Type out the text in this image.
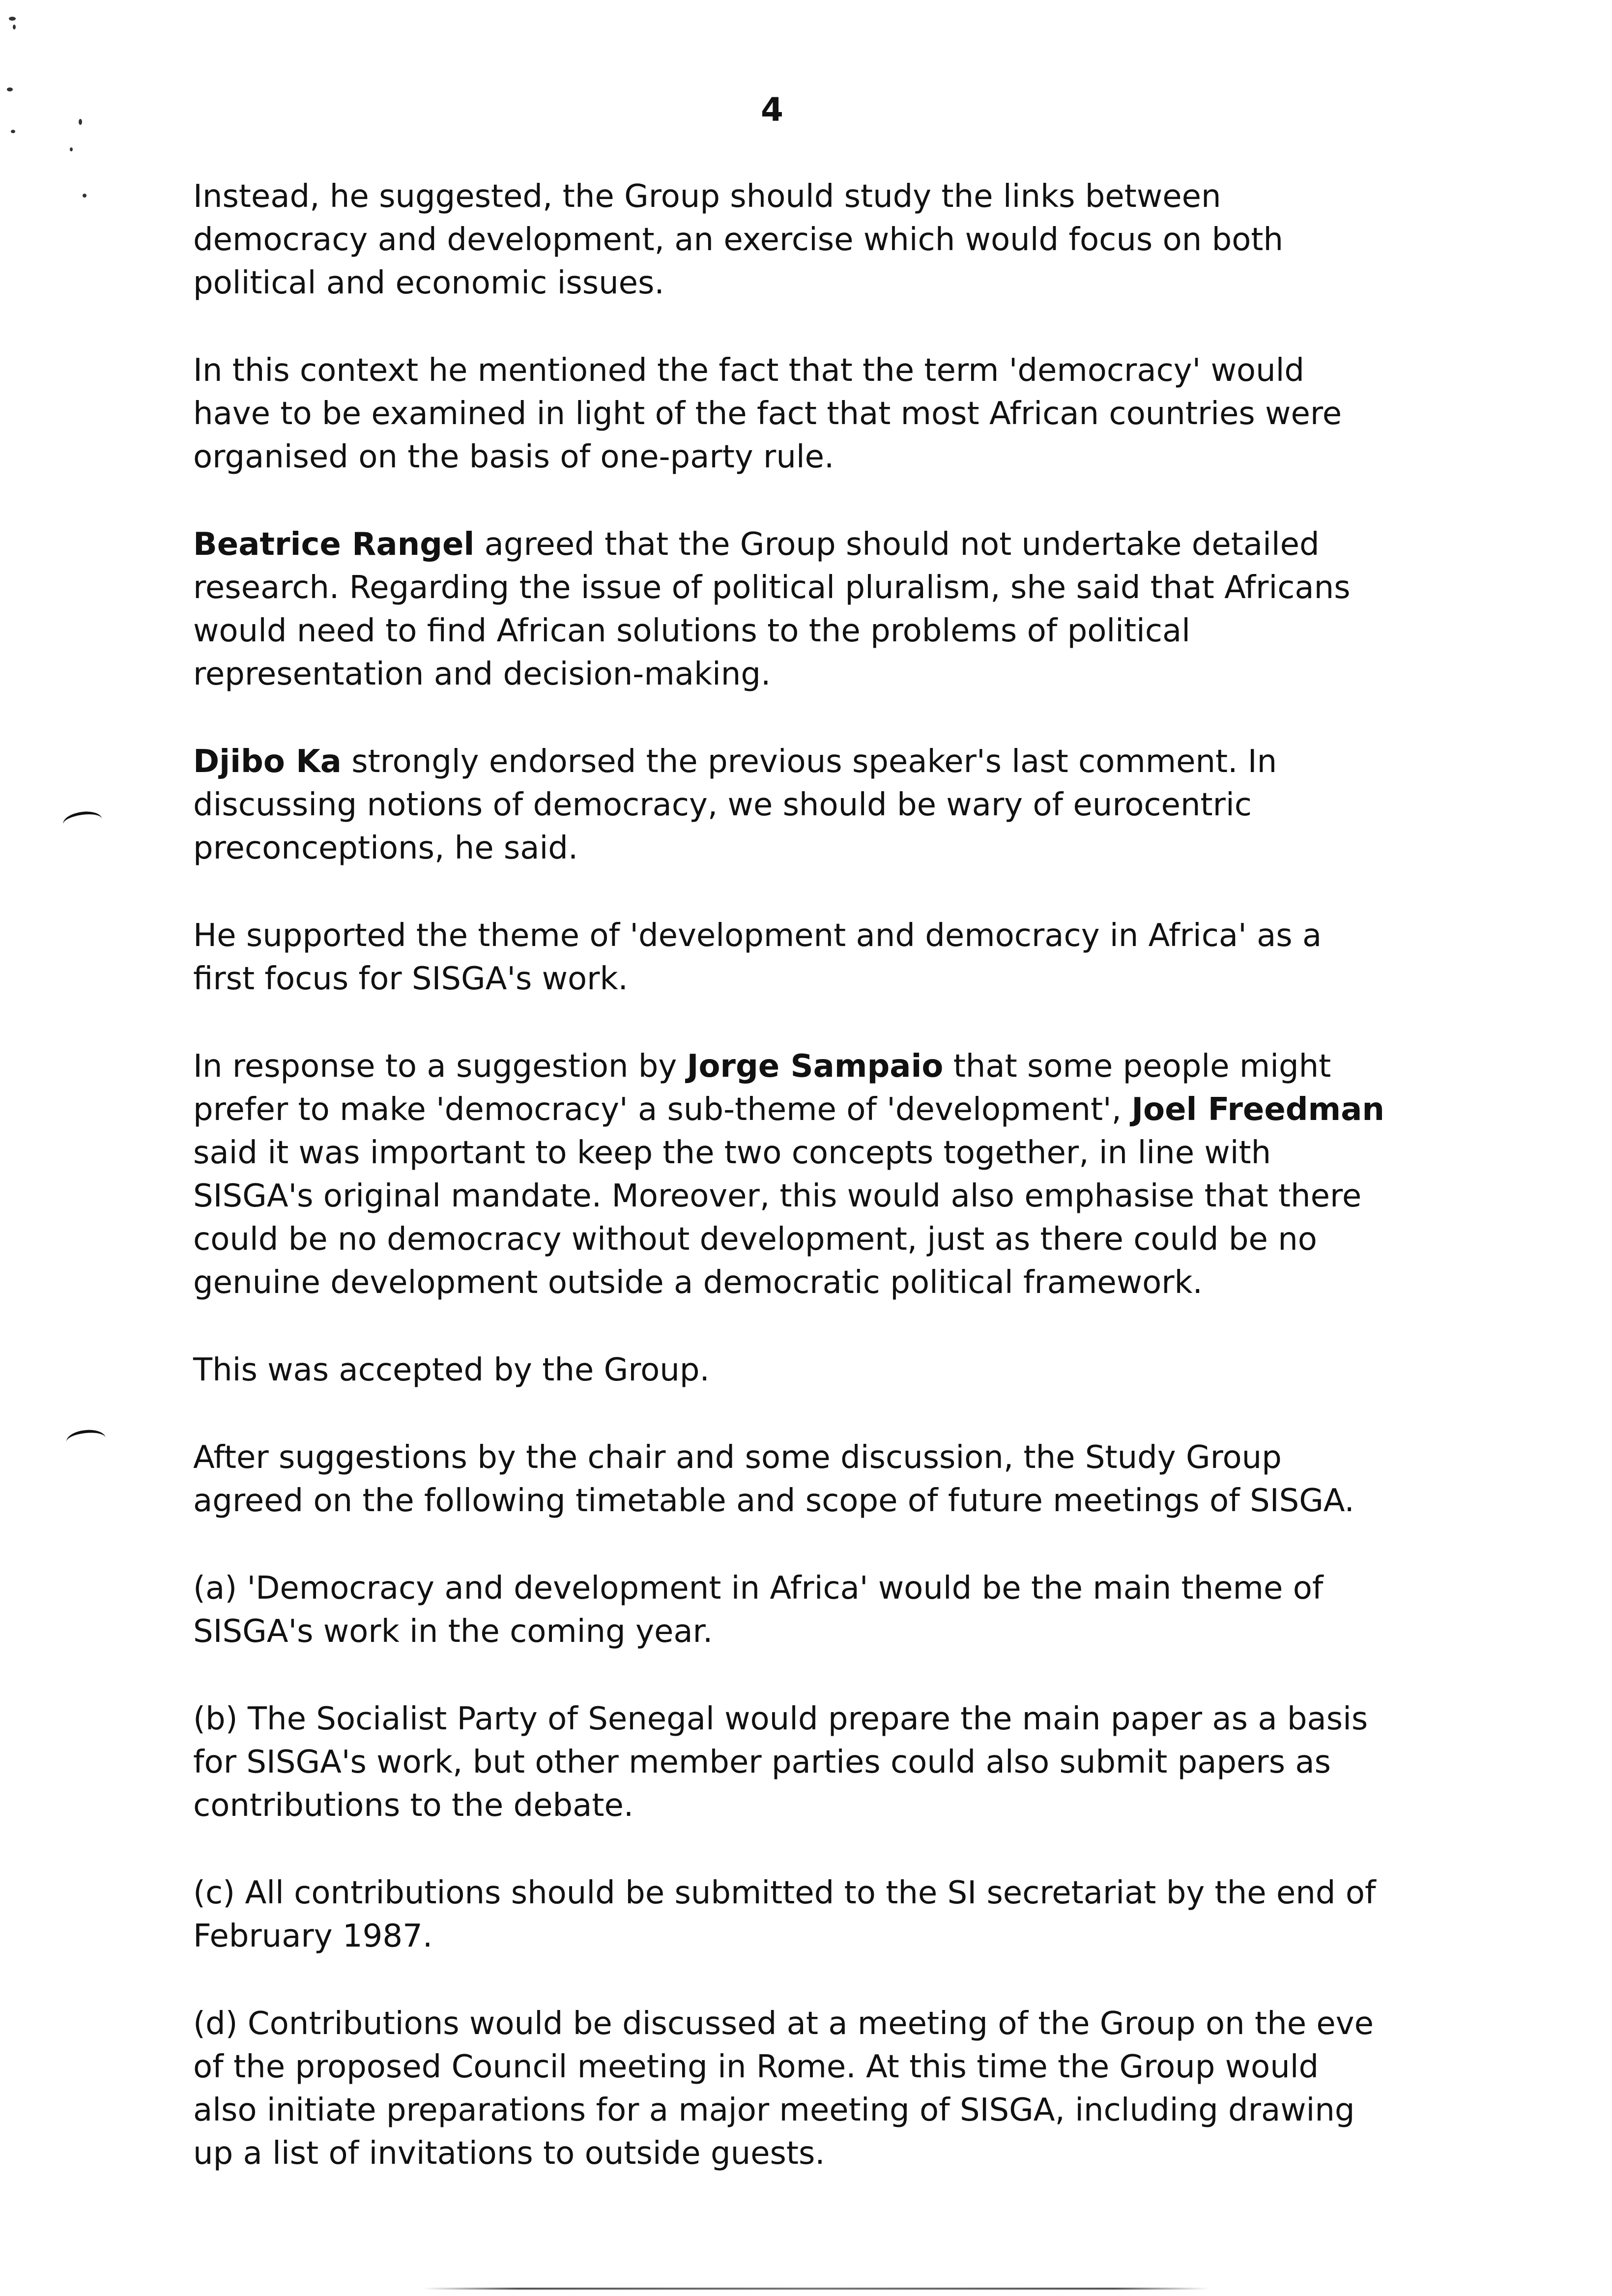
4

Instead, he suggested, the Group should study the links between democracy and development, an exercise which would focus on both political and economic issues.

In this context he mentioned the fact that the term 'democracy' would have to be examined in light of the fact that most African countries were organised on the basis of one-party rule.

Beatrice Rangel agreed that the Group should not undertake detailed research. Regarding the issue of political pluralism, she said that Africans would need to find African solutions to the problems of political representation and decision-making.

Djibo Ka strongly endorsed the previous speaker's last comment. In discussing notions of democracy, we should be wary of eurocentric preconceptions, he said.

He supported the theme of 'development and democracy in Africa' as a first focus for SISGA's work.

In response to a suggestion by Jorge Sampaio that some people might prefer to make 'democracy' a sub-theme of 'development', Joel Freedman said it was important to keep the two concepts together, in line with SISGA's original mandate. Moreover, this would also emphasise that there could be no democracy without development, just as there could be no genuine development outside a democratic political framework.

This was accepted by the Group.

After suggestions by the chair and some discussion, the Study Group agreed on the following timetable and scope of future meetings of SISGA.

(a) 'Democracy and development in Africa' would be the main theme of SISGA's work in the coming year.

(b) The Socialist Party of Senegal would prepare the main paper as a basis for SISGA's work, but other member parties could also submit papers as contributions to the debate.

(c) All contributions should be submitted to the SI secretariat by the end of February 1987.

(d) Contributions would be discussed at a meeting of the Group on the eve of the proposed Council meeting in Rome. At this time the Group would also initiate preparations for a major meeting of SISGA, including drawing up a list of invitations to outside guests.
